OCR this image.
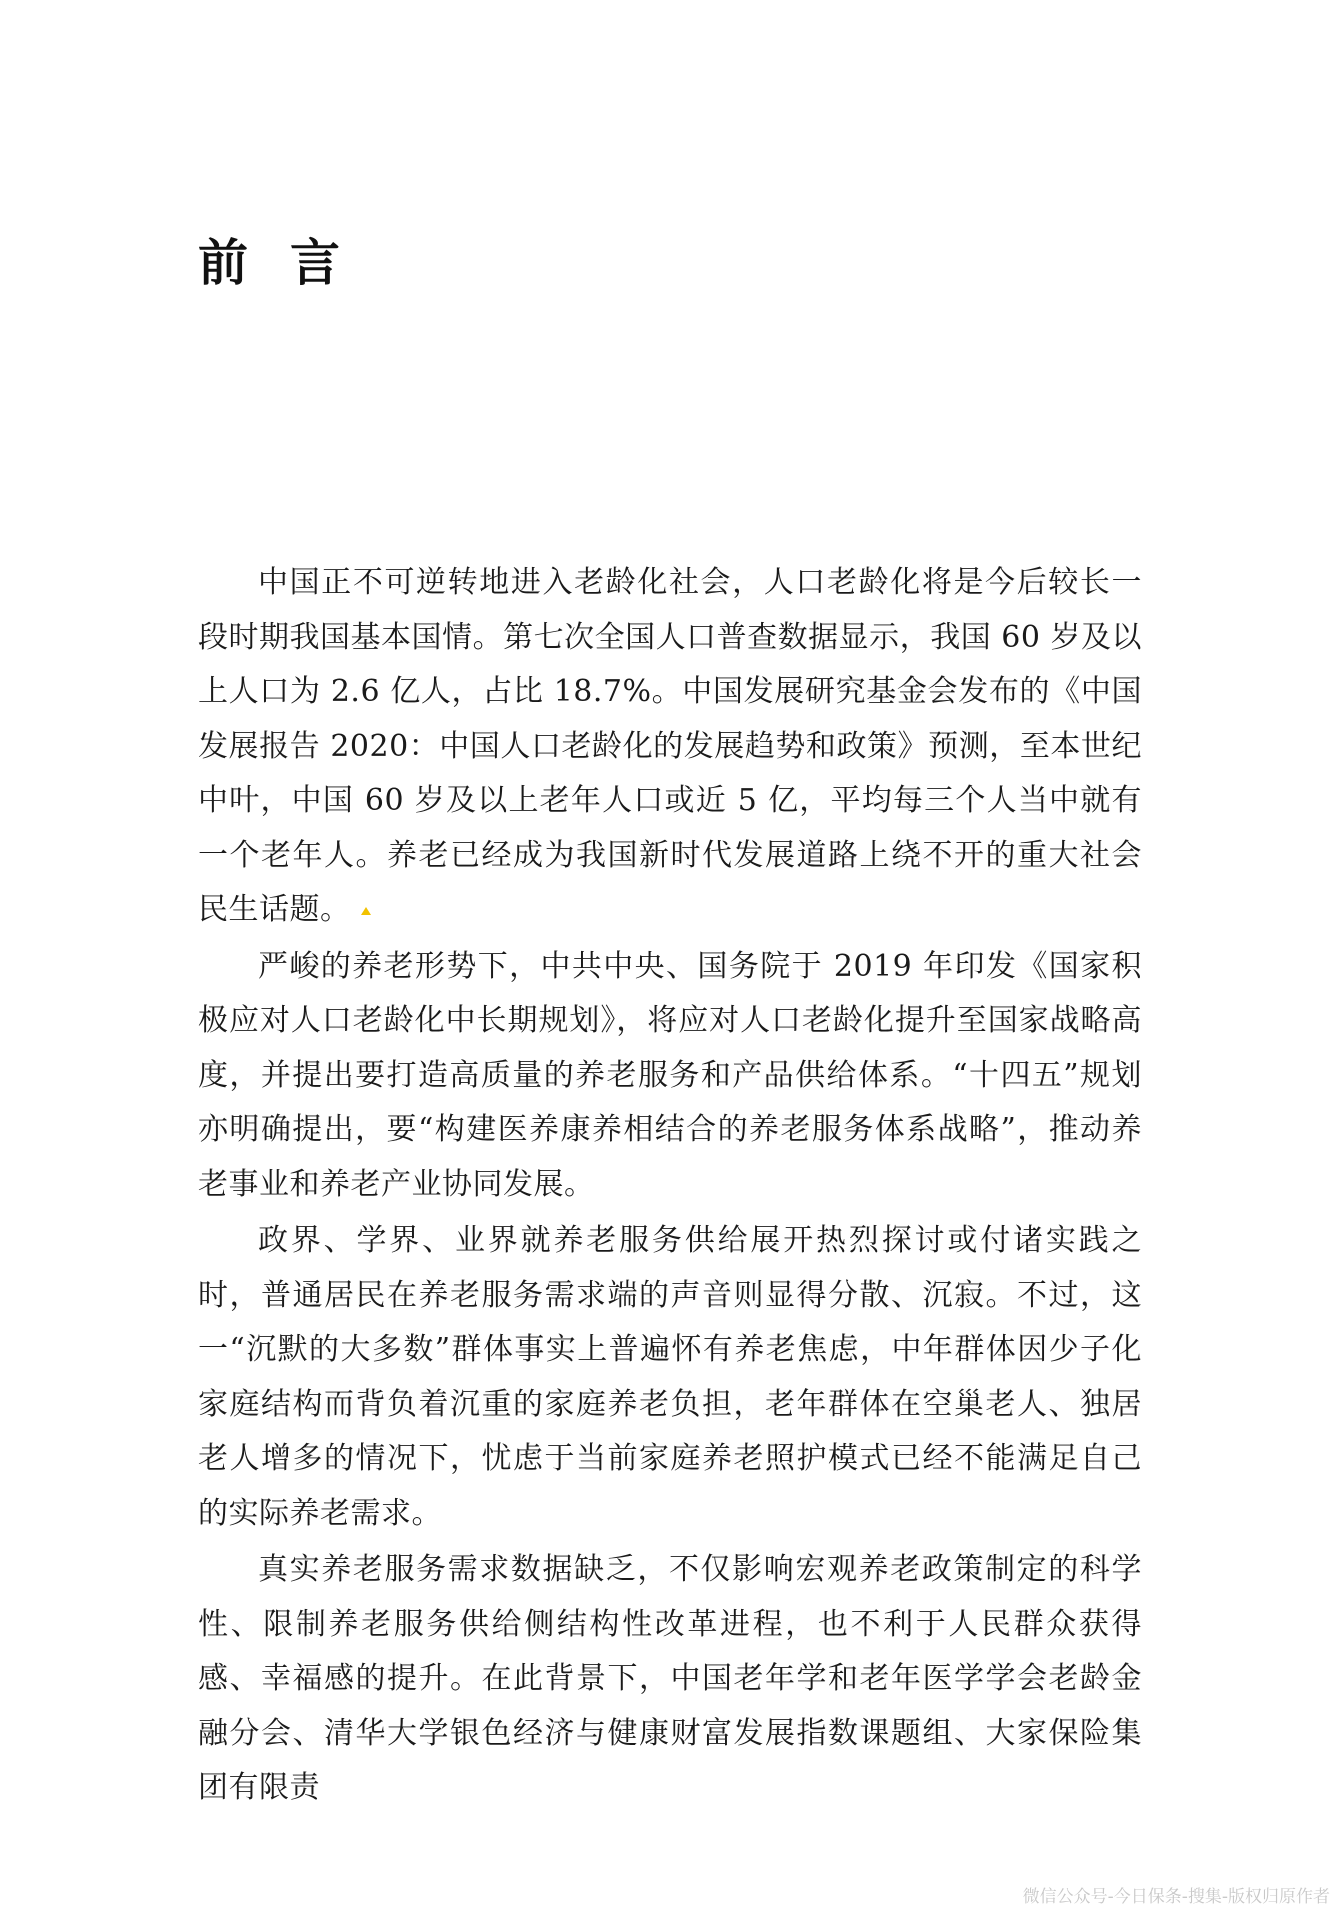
前言

中国正不可逆转地进入老龄化社会，人口老龄化将是今后较长一段时期我国基本国情。第七次全国人口普查数据显示，我国 60 岁及以上人口为 2.6 亿人，占比 18.7%。中国发展研究基金会发布的《中国发展报告 2020：中国人口老龄化的发展趋势和政策》预测，至本世纪中叶，中国 60 岁及以上老年人口或近 5 亿，平均每三个人当中就有一个老年人。养老已经成为我国新时代发展道路上绕不开的重大社会民生话题。

严峻的养老形势下，中共中央、国务院于 2019 年印发《国家积极应对人口老龄化中长期规划》，将应对人口老龄化提升至国家战略高度，并提出要打造高质量的养老服务和产品供给体系。“十四五”规划亦明确提出，要“构建医养康养相结合的养老服务体系战略”，推动养老事业和养老产业协同发展。

政界、学界、业界就养老服务供给展开热烈探讨或付诸实践之时，普通居民在养老服务需求端的声音则显得分散、沉寂。不过，这一“沉默的大多数”群体事实上普遍怀有养老焦虑，中年群体因少子化家庭结构而背负着沉重的家庭养老负担，老年群体在空巢老人、独居老人增多的情况下，忧虑于当前家庭养老照护模式已经不能满足自己的实际养老需求。

真实养老服务需求数据缺乏，不仅影响宏观养老政策制定的科学性、限制养老服务供给侧结构性改革进程，也不利于人民群众获得感、幸福感的提升。在此背景下，中国老年学和老年医学学会老龄金融分会、清华大学银色经济与健康财富发展指数课题组、大家保险集团有限责

微信公众号-今日保条-搜集-版权归原作者
